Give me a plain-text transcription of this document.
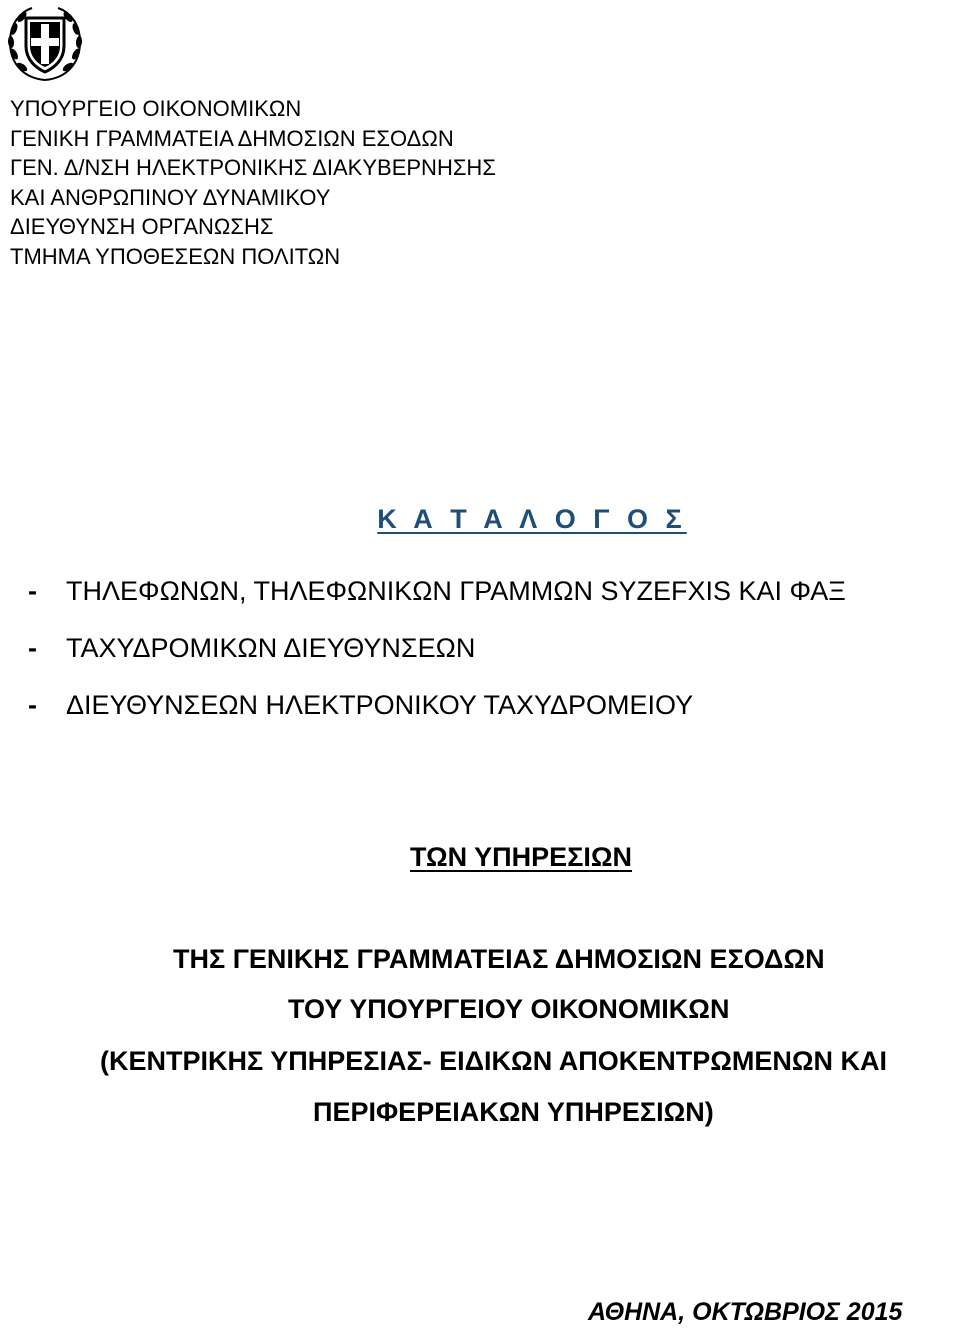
ΥΠΟΥΡΓΕΙΟ ΟΙΚΟΝΟΜΙΚΩΝ
ΓΕΝΙΚΗ ΓΡΑΜΜΑΤΕΙΑ ΔΗΜΟΣΙΩΝ ΕΣΟΔΩΝ
ΓΕΝ. Δ/ΝΣΗ ΗΛΕΚΤΡΟΝΙΚΗΣ ΔΙΑΚΥΒΕΡΝΗΣΗΣ
ΚΑΙ ΑΝΘΡΩΠΙΝΟΥ ΔΥΝΑΜΙΚΟΥ
ΔΙΕΥΘΥΝΣΗ ΟΡΓΑΝΩΣΗΣ
ΤΜΗΜΑ ΥΠΟΘΕΣΕΩΝ ΠΟΛΙΤΩΝ
Κ Α Τ Α Λ Ο Γ Ο Σ
-	ΤΗΛΕΦΩΝΩΝ, ΤΗΛΕΦΩΝΙΚΩΝ ΓΡΑΜΜΩΝ SYZEFXIS ΚΑΙ ΦΑΞ
-	ΤΑΧΥΔΡΟΜΙΚΩΝ ΔΙΕΥΘΥΝΣΕΩΝ
-	ΔΙΕΥΘΥΝΣΕΩΝ ΗΛΕΚΤΡΟΝΙΚΟΥ ΤΑΧΥΔΡΟΜΕΙΟΥ
ΤΩΝ ΥΠΗΡΕΣΙΩΝ
ΤΗΣ ΓΕΝΙΚΗΣ ΓΡΑΜΜΑΤΕΙΑΣ ΔΗΜΟΣΙΩΝ ΕΣΟΔΩΝ
ΤΟΥ ΥΠΟΥΡΓΕΙΟΥ ΟΙΚΟΝΟΜΙΚΩΝ
(ΚΕΝΤΡΙΚΗΣ ΥΠΗΡΕΣΙΑΣ- ΕΙΔΙΚΩΝ ΑΠΟΚΕΝΤΡΩΜΕΝΩΝ ΚΑΙ
ΠΕΡΙΦΕΡΕΙΑΚΩΝ ΥΠΗΡΕΣΙΩΝ)
ΑΘΗΝΑ, ΟΚΤΩΒΡΙΟΣ 2015
